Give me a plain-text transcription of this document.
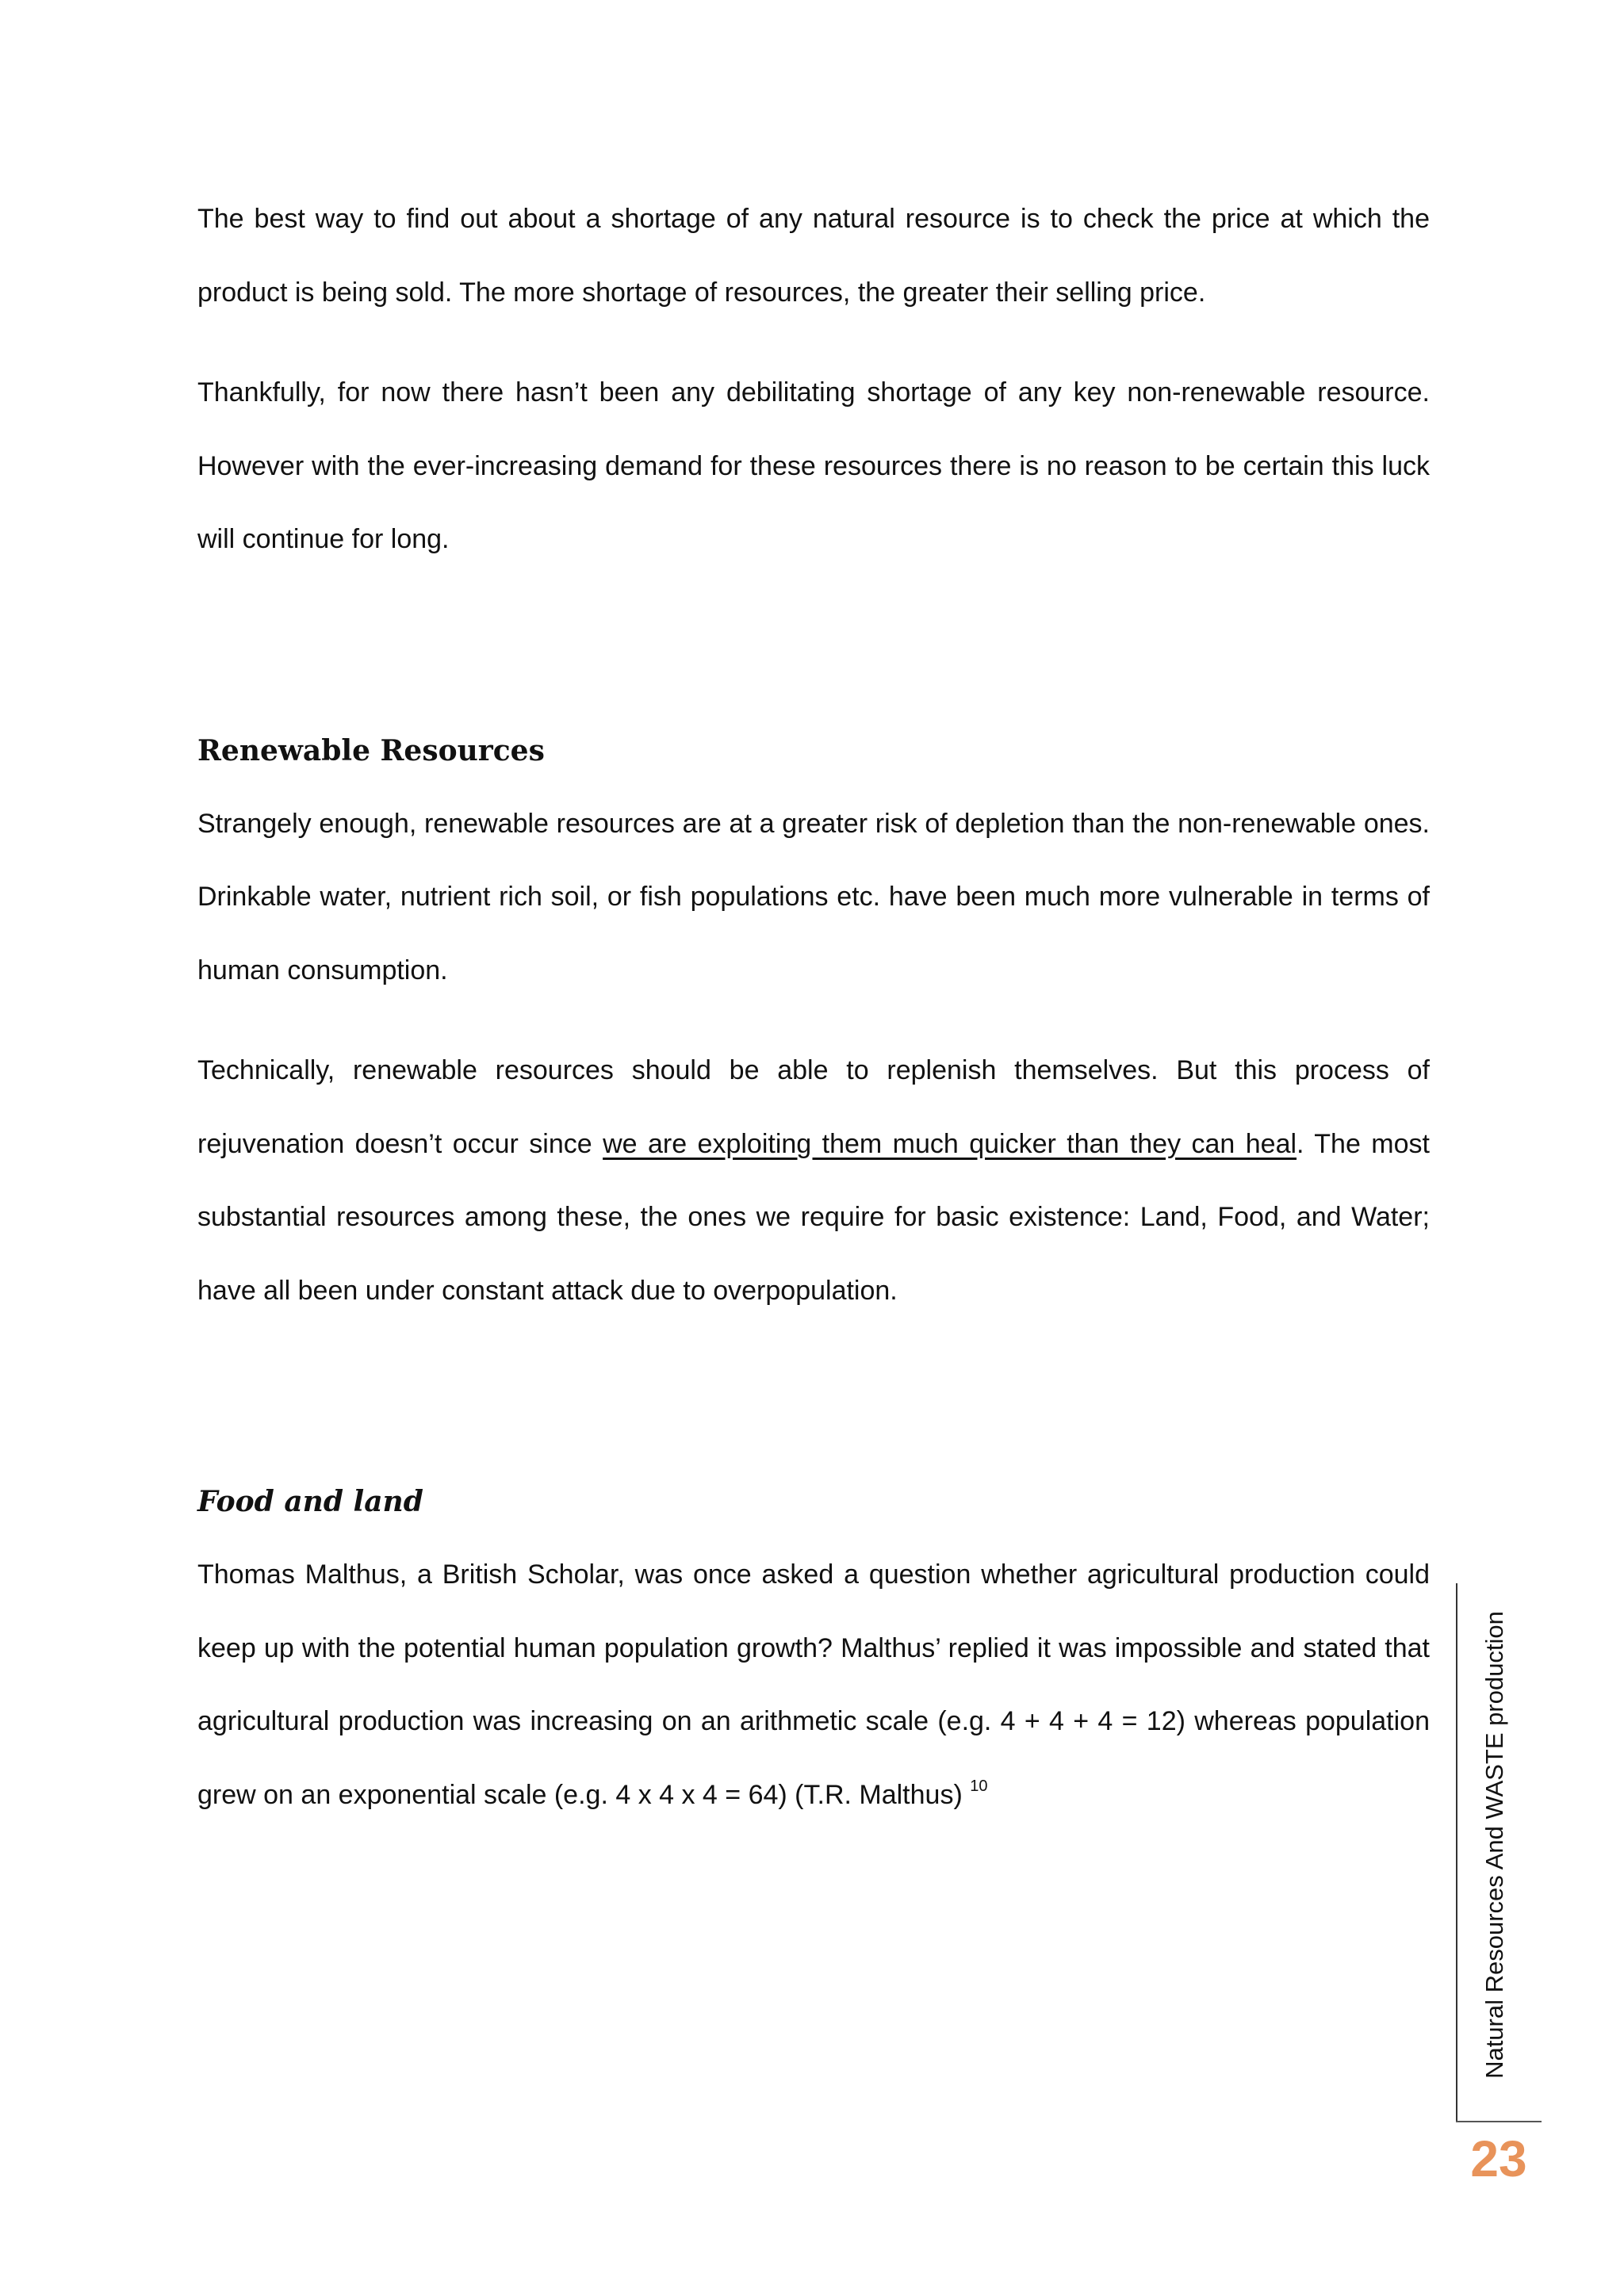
The best way to find out about a shortage of any natural resource is to check the price at which the product is being sold. The more shortage of resources, the greater their selling price.

Thankfully, for now there hasn’t been any debilitating shortage of any key non-renewable resource. However with the ever-increasing demand for these resources there is no reason to be certain this luck will continue for long.

Renewable Resources

Strangely enough, renewable resources are at a greater risk of depletion than the non-renewable ones. Drinkable water, nutrient rich soil, or fish populations etc. have been much more vulnerable in terms of human consumption.

Technically, renewable resources should be able to replenish themselves. But this process of rejuvenation doesn’t occur since we are exploiting them much quicker than they can heal. The most substantial resources among these, the ones we require for basic existence: Land, Food, and Water; have all been under constant attack due to overpopulation.

Food and land

Thomas Malthus, a British Scholar, was once asked a question whether agricultural production could keep up with the potential human population growth? Malthus’ replied it was impossible and stated that agricultural production was increasing on an arithmetic scale (e.g. 4 + 4 + 4 = 12) whereas population grew on an exponential scale (e.g. 4 x 4 x 4 = 64) (T.R. Malthus) $^{10}$	Natural Resources And WASTE production
23
